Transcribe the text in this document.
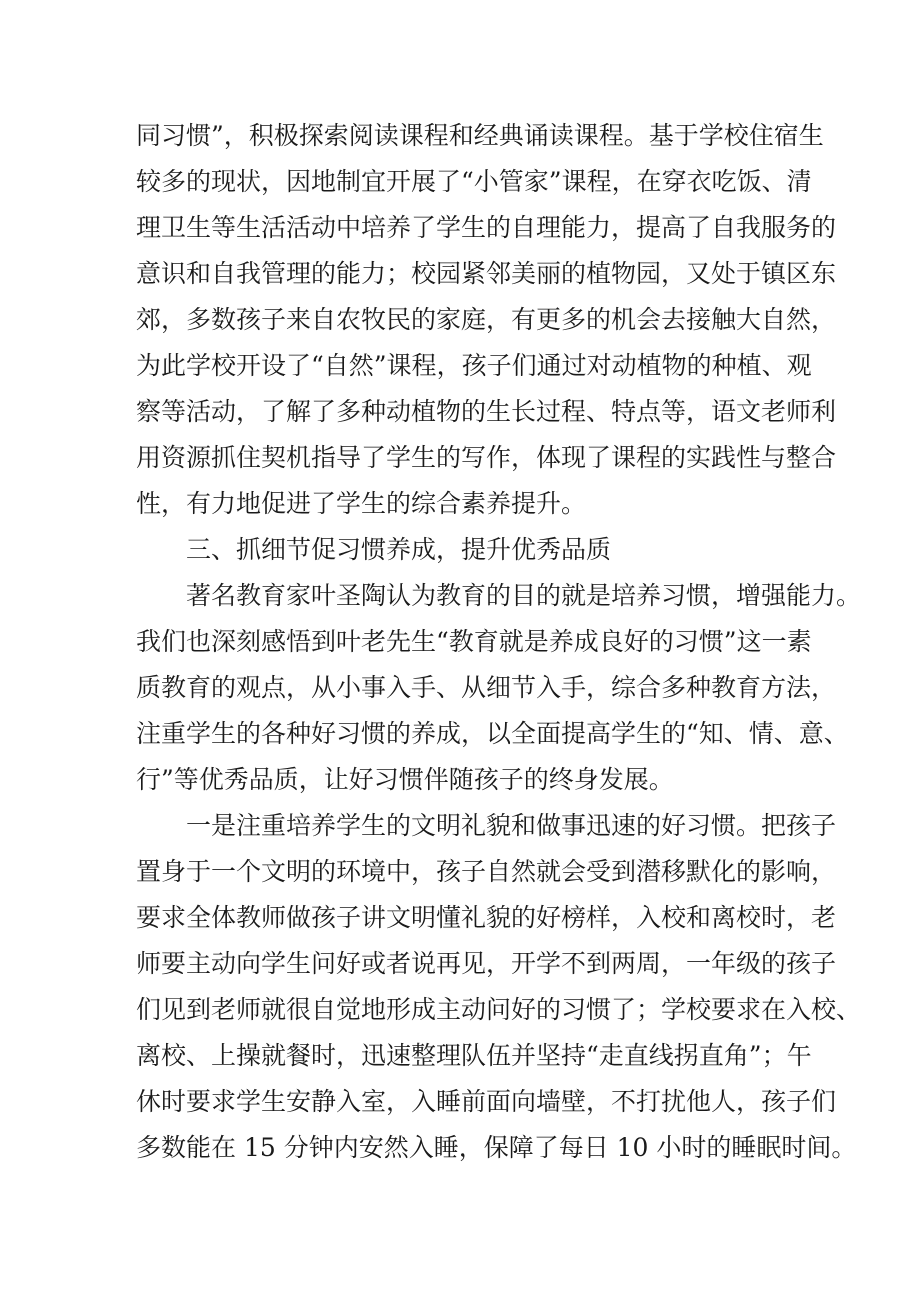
同习惯”，积极探索阅读课程和经典诵读课程。基于学校住宿生
较多的现状，因地制宜开展了“小管家”课程，在穿衣吃饭、清
理卫生等生活活动中培养了学生的自理能力，提高了自我服务的
意识和自我管理的能力；校园紧邻美丽的植物园，又处于镇区东
郊，多数孩子来自农牧民的家庭，有更多的机会去接触大自然，
为此学校开设了“自然”课程，孩子们通过对动植物的种植、观
察等活动，了解了多种动植物的生长过程、特点等，语文老师利
用资源抓住契机指导了学生的写作，体现了课程的实践性与整合
性，有力地促进了学生的综合素养提升。
三、抓细节促习惯养成，提升优秀品质
著名教育家叶圣陶认为教育的目的就是培养习惯，增强能力。
我们也深刻感悟到叶老先生“教育就是养成良好的习惯”这一素
质教育的观点，从小事入手、从细节入手，综合多种教育方法，
注重学生的各种好习惯的养成，以全面提高学生的“知、情、意、
行”等优秀品质，让好习惯伴随孩子的终身发展。
一是注重培养学生的文明礼貌和做事迅速的好习惯。把孩子
置身于一个文明的环境中，孩子自然就会受到潜移默化的影响，
要求全体教师做孩子讲文明懂礼貌的好榜样，入校和离校时，老
师要主动向学生问好或者说再见，开学不到两周，一年级的孩子
们见到老师就很自觉地形成主动问好的习惯了；学校要求在入校、
离校、上操就餐时，迅速整理队伍并坚持“走直线拐直角”；午
休时要求学生安静入室，入睡前面向墙壁，不打扰他人，孩子们
多数能在 15 分钟内安然入睡，保障了每日 10 小时的睡眠时间。
